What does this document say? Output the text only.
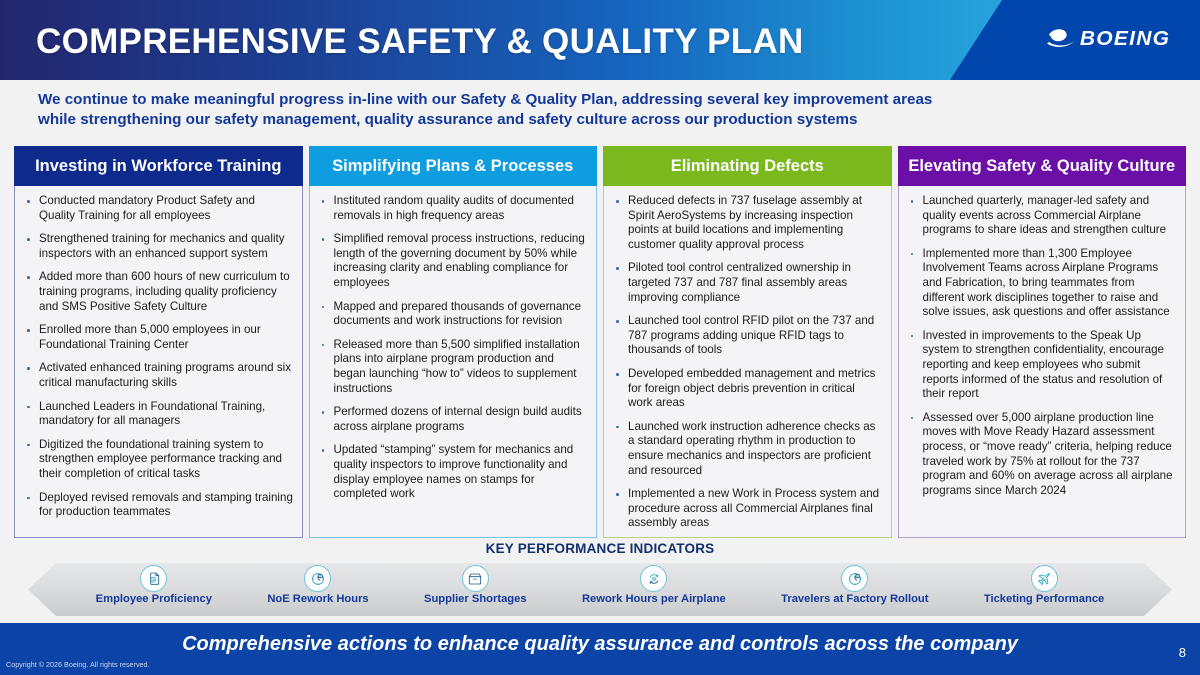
COMPREHENSIVE SAFETY & QUALITY PLAN	BOEING
We continue to make meaningful progress in-line with our Safety & Quality Plan, addressing several key improvement areas
while strengthening our safety management, quality assurance and safety culture across our production systems
Investing in Workforce Training
Conducted mandatory Product Safety and Quality Training for all employees
Strengthened training for mechanics and quality inspectors with an enhanced support system
Added more than 600 hours of new curriculum to training programs, including quality proficiency and SMS Positive Safety Culture
Enrolled more than 5,000 employees in our Foundational Training Center
Activated enhanced training programs around six critical manufacturing skills
Launched Leaders in Foundational Training, mandatory for all managers
Digitized the foundational training system to strengthen employee performance tracking and their completion of critical tasks
Deployed revised removals and stamping training for production teammates
Simplifying Plans & Processes
Instituted random quality audits of documented removals in high frequency areas
Simplified removal process instructions, reducing length of the governing document by 50% while increasing clarity and enabling compliance for employees
Mapped and prepared thousands of governance documents and work instructions for revision
Released more than 5,500 simplified installation plans into airplane program production and began launching “how to” videos to supplement instructions
Performed dozens of internal design build audits across airplane programs
Updated “stamping” system for mechanics and quality inspectors to improve functionality and display employee names on stamps for completed work
Eliminating Defects
Reduced defects in 737 fuselage assembly at Spirit AeroSystems by increasing inspection points at build locations and implementing customer quality approval process
Piloted tool control centralized ownership in targeted 737 and 787 final assembly areas improving compliance
Launched tool control RFID pilot on the 737 and 787 programs adding unique RFID tags to thousands of tools
Developed embedded management and metrics for foreign object debris prevention in critical work areas
Launched work instruction adherence checks as a standard operating rhythm in production to ensure mechanics and inspectors are proficient and resourced
Implemented a new Work in Process system and procedure across all Commercial Airplanes final assembly areas
Elevating Safety & Quality Culture
Launched quarterly, manager-led safety and quality events across Commercial Airplane programs to share ideas and strengthen culture
Implemented more than 1,300 Employee Involvement Teams across Airplane Programs and Fabrication, to bring teammates from different work disciplines together to raise and solve issues, ask questions and offer assistance
Invested in improvements to the Speak Up system to strengthen confidentiality, encourage reporting and keep employees who submit reports informed of the status and resolution of their report
Assessed over 5,000 airplane production line moves with Move Ready Hazard assessment process, or “move ready” criteria, helping reduce traveled work by 75% at rollout for the 737 program and 60% on average across all airplane programs since March 2024
KEY PERFORMANCE INDICATORS
Employee Proficiency
h
NoE Rework Hours	Supplier Shortages	Rework Hours per Airplane
R
Travelers at Factory Rollout	Ticketing Performance
Comprehensive actions to enhance quality assurance and controls across the company
Copyright © 2026 Boeing. All rights reserved.
8
